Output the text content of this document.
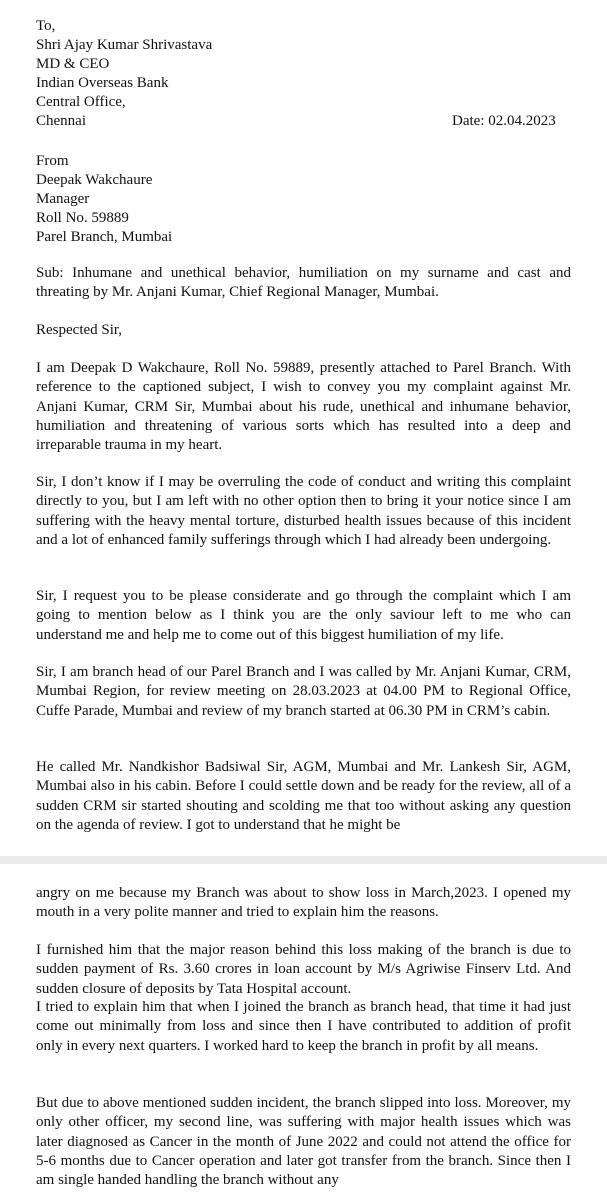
To,
Shri Ajay Kumar Shrivastava
MD & CEO
Indian Overseas Bank
Central Office,
Chennai	Date: 02.04.2023
From
Deepak Wakchaure
Manager
Roll No. 59889
Parel Branch, Mumbai
Sub: Inhumane and unethical behavior, humiliation on my surname and cast and threating by Mr. Anjani Kumar, Chief Regional Manager, Mumbai.
Respected Sir,
I am Deepak D Wakchaure, Roll No. 59889, presently attached to Parel Branch. With reference to the captioned subject, I wish to convey you my complaint against Mr. Anjani Kumar, CRM Sir, Mumbai about his rude, unethical and inhumane behavior, humiliation and threatening of various sorts which has resulted into a deep and irreparable trauma in my heart.
Sir, I don’t know if I may be overruling the code of conduct and writing this complaint directly to you, but I am left with no other option then to bring it your notice since I am suffering with the heavy mental torture, disturbed health issues because of this incident and a lot of enhanced family sufferings through which I had already been undergoing.
Sir, I request you to be please considerate and go through the complaint which I am going to mention below as I think you are the only saviour left to me who can understand me and help me to come out of this biggest humiliation of my life.
Sir, I am branch head of our Parel Branch and I was called by Mr. Anjani Kumar, CRM, Mumbai Region, for review meeting on 28.03.2023 at 04.00 PM to Regional Office, Cuffe Parade, Mumbai and review of my branch started at 06.30 PM in CRM’s cabin.
He called Mr. Nandkishor Badsiwal Sir, AGM, Mumbai and Mr. Lankesh Sir, AGM, Mumbai also in his cabin. Before I could settle down and be ready for the review, all of a sudden CRM sir started shouting and scolding me that too without asking any question on the agenda of review. I got to understand that he might be
angry on me because my Branch was about to show loss in March,2023. I opened my mouth in a very polite manner and tried to explain him the reasons.
I furnished him that the major reason behind this loss making of the branch is due to sudden payment of Rs. 3.60 crores in loan account by M/s Agriwise Finserv Ltd. And sudden closure of deposits by Tata Hospital account.
I tried to explain him that when I joined the branch as branch head, that time it had just come out minimally from loss and since then I have contributed to addition of profit only in every next quarters. I worked hard to keep the branch in profit by all means.
But due to above mentioned sudden incident, the branch slipped into loss. Moreover, my only other officer, my second line, was suffering with major health issues which was later diagnosed as Cancer in the month of June 2022 and could not attend the office for 5-6 months due to Cancer operation and later got transfer from the branch. Since then I am single handed handling the branch without any
